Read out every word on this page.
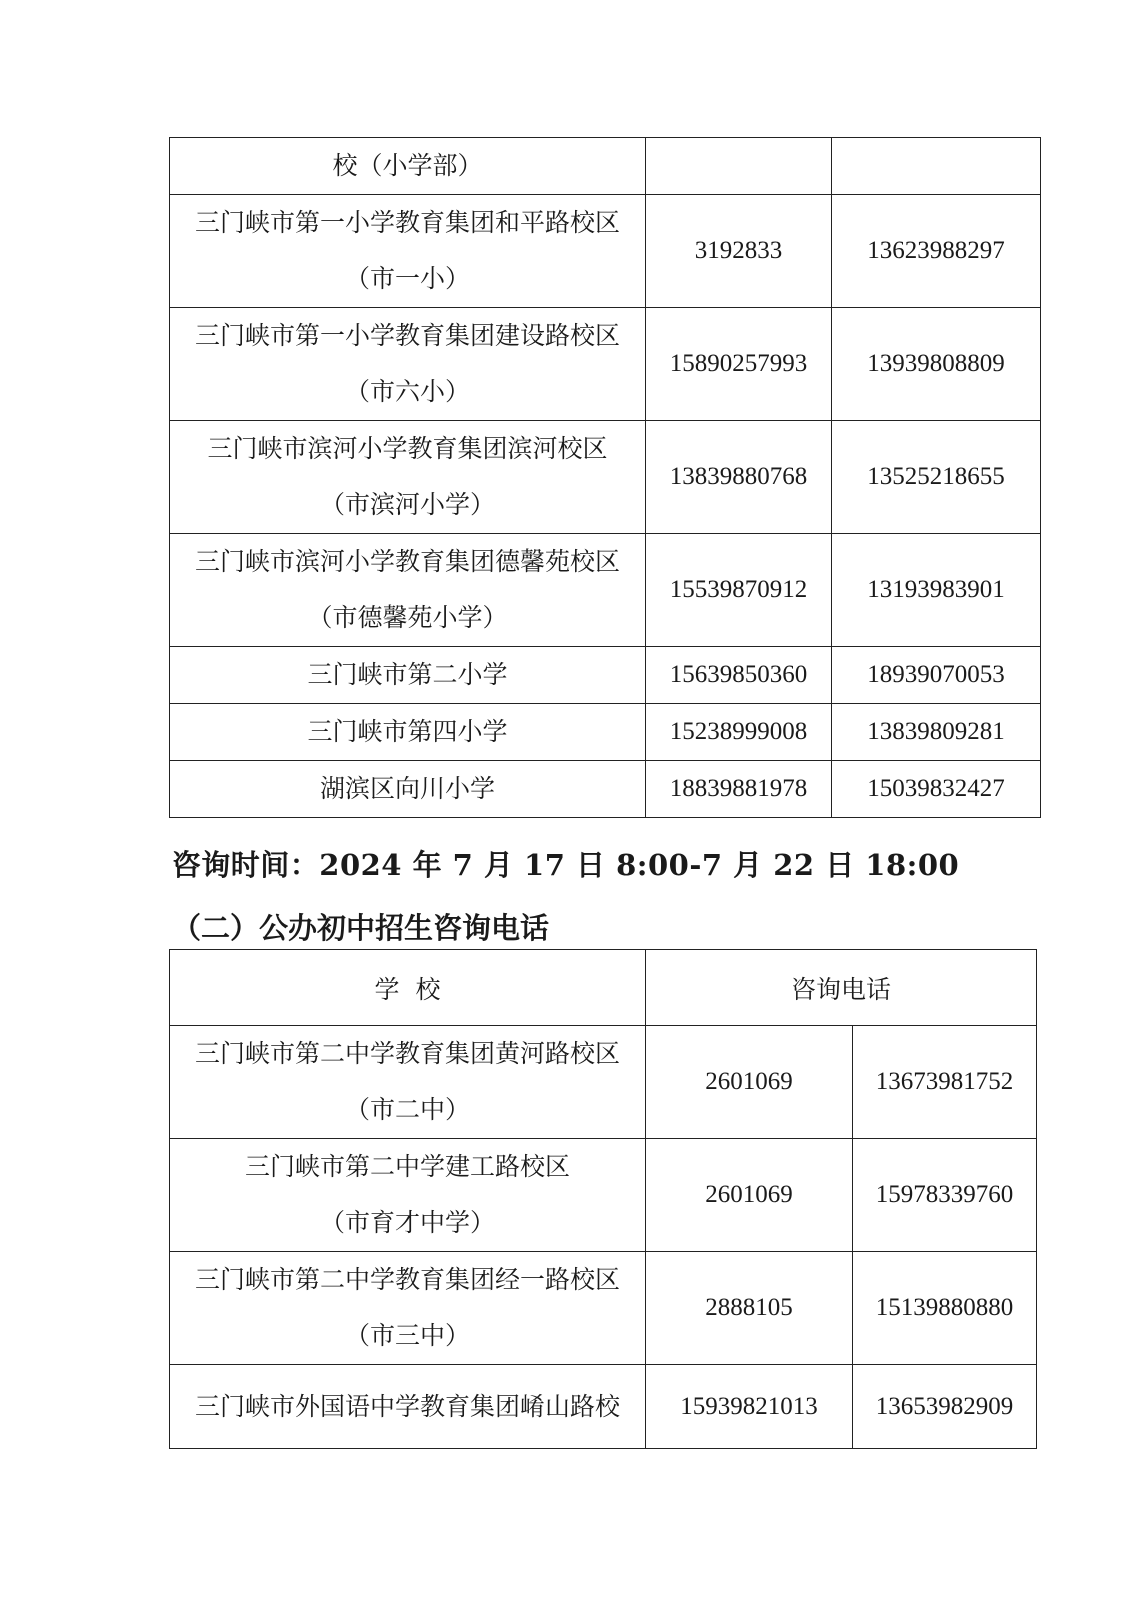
校（小学部）		

三门峡市第一小学教育集团和平路校区
（市一小）	3192833	13623988297

三门峡市第一小学教育集团建设路校区
（市六小）	15890257993	13939808809

三门峡市滨河小学教育集团滨河校区
（市滨河小学）	13839880768	13525218655

三门峡市滨河小学教育集团德馨苑校区
（市德馨苑小学）	15539870912	13193983901

三门峡市第二小学	15639850360	18939070053

三门峡市第四小学	15238999008	13839809281

湖滨区向川小学	18839881978	15039832427
咨询时间：2024 年 7 月 17 日 8:00-7 月 22 日 18:00
（二）公办初中招生咨询电话
学  校	咨询电话	

三门峡市第二中学教育集团黄河路校区
（市二中）	2601069	13673981752

三门峡市第二中学建工路校区
（市育才中学）	2601069	15978339760

三门峡市第二中学教育集团经一路校区
（市三中）	2888105	15139880880

三门峡市外国语中学教育集团崤山路校	15939821013	13653982909
